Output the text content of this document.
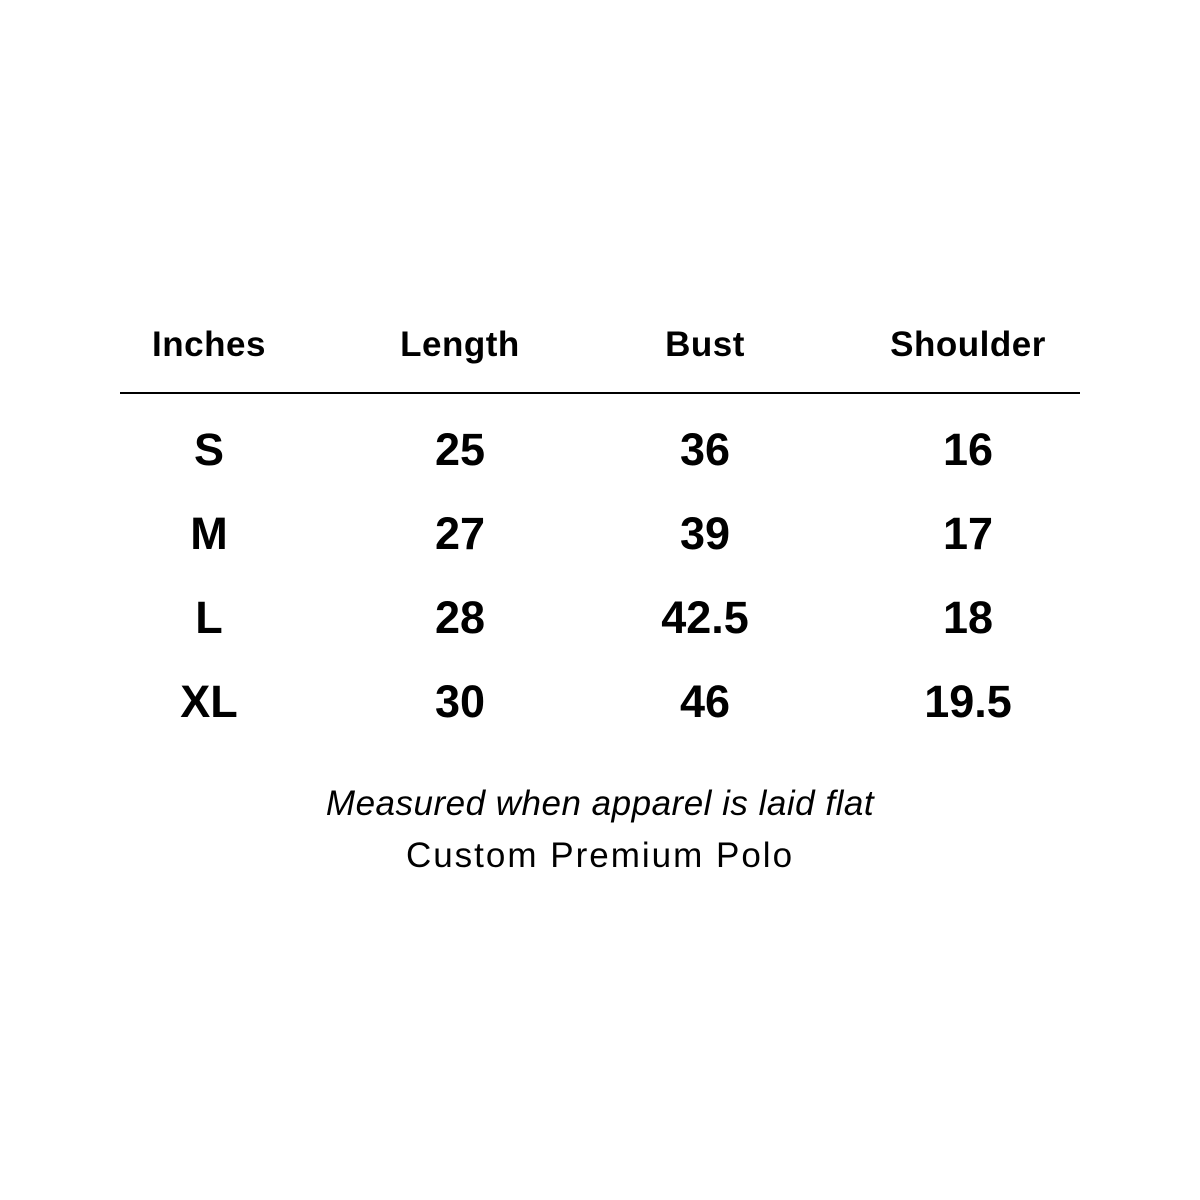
Inches	Length	Bust	Shoulder
S	25	36	16
M	27	39	17
L	28	42.5	18
XL	30	46	19.5
Measured when apparel is laid flat
Custom Premium Polo
